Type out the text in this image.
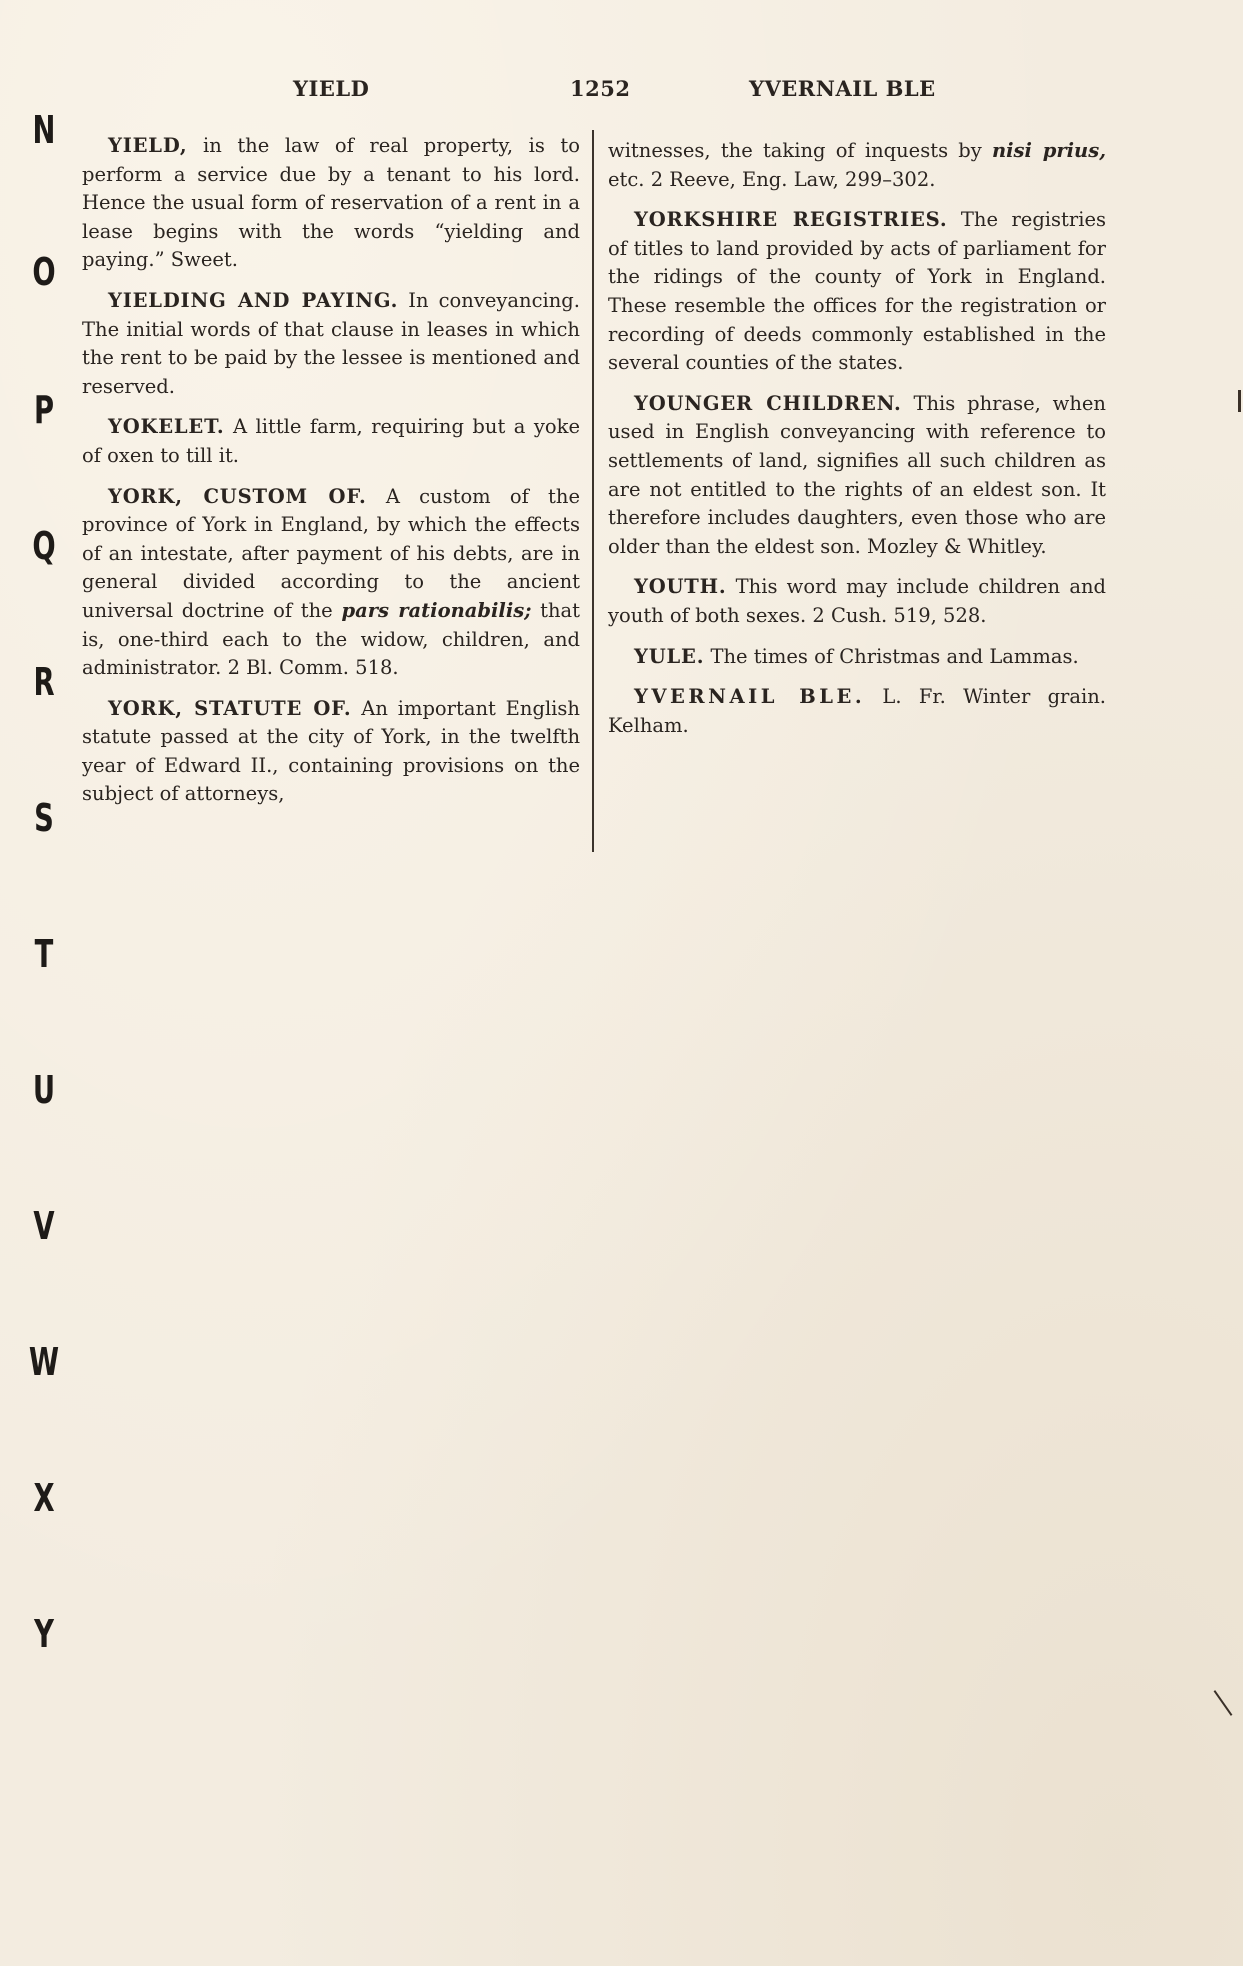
N
O
P
Q
R
S
T
U
V
W
X
Y
YIELD	1252	YVERNAIL BLE

YIELD, in the law of real property, is to perform a service due by a tenant to his lord. Hence the usual form of reservation of a rent in a lease begins with the words “yielding and paying.” Sweet.

YIELDING AND PAYING. In conveyancing. The initial words of that clause in leases in which the rent to be paid by the lessee is mentioned and reserved.

YOKELET. A little farm, requiring but a yoke of oxen to till it.

YORK, CUSTOM OF. A custom of the province of York in England, by which the effects of an intestate, after payment of his debts, are in general divided according to the ancient universal doctrine of the pars rationabilis; that is, one-third each to the widow, children, and administrator. 2 Bl. Comm. 518.

YORK, STATUTE OF. An important English statute passed at the city of York, in the twelfth year of Edward II., containing provisions on the subject of attorneys,

witnesses, the taking of inquests by nisi prius, etc. 2 Reeve, Eng. Law, 299–302.

YORKSHIRE REGISTRIES. The registries of titles to land provided by acts of parliament for the ridings of the county of York in England. These resemble the offices for the registration or recording of deeds commonly established in the several counties of the states.

YOUNGER CHILDREN. This phrase, when used in English conveyancing with reference to settlements of land, signifies all such children as are not entitled to the rights of an eldest son. It therefore includes daughters, even those who are older than the eldest son. Mozley & Whitley.

YOUTH. This word may include children and youth of both sexes. 2 Cush. 519, 528.

YULE. The times of Christmas and Lammas.

YVERNAIL BLE. L. Fr. Winter grain. Kelham.
